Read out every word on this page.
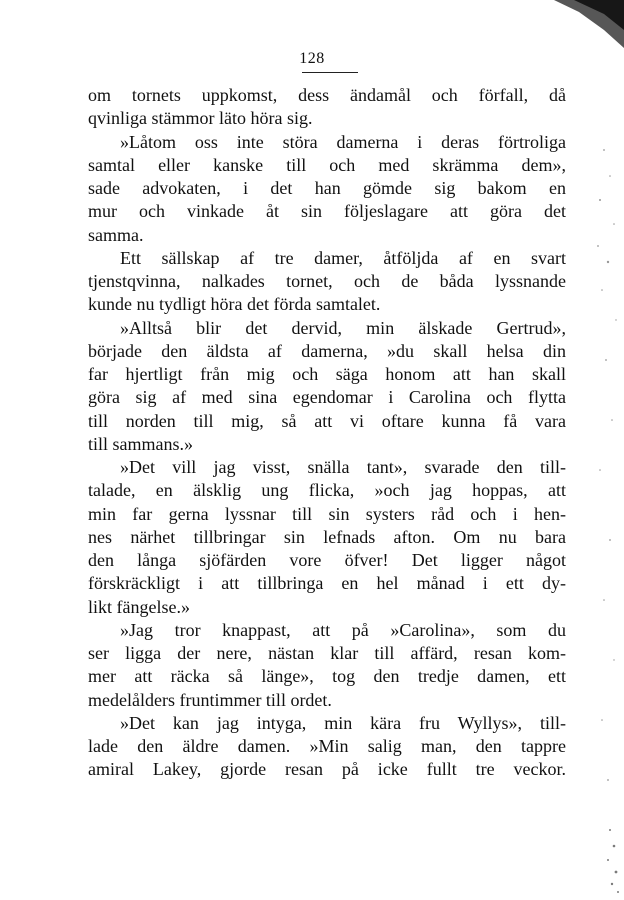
128
om tornets uppkomst, dess ändamål och förfall, då
qvinliga stämmor läto höra sig.
»Låtom oss inte störa damerna i deras förtroliga
samtal eller kanske till och med skrämma dem»,
sade advokaten, i det han gömde sig bakom en
mur och vinkade åt sin följeslagare att göra det
samma.
Ett sällskap af tre damer, åtföljda af en svart
tjenstqvinna, nalkades tornet, och de båda lyssnande
kunde nu tydligt höra det förda samtalet.
»Alltså blir det dervid, min älskade Gertrud»,
började den äldsta af damerna, »du skall helsa din
far hjertligt från mig och säga honom att han skall
göra sig af med sina egendomar i Carolina och flytta
till norden till mig, så att vi oftare kunna få vara
till sammans.»
»Det vill jag visst, snälla tant», svarade den till-
talade, en älsklig ung flicka, »och jag hoppas, att
min far gerna lyssnar till sin systers råd och i hen-
nes närhet tillbringar sin lefnads afton. Om nu bara
den långa sjöfärden vore öfver! Det ligger något
förskräckligt i att tillbringa en hel månad i ett dy-
likt fängelse.»
»Jag tror knappast, att på »Carolina», som du
ser ligga der nere, nästan klar till affärd, resan kom-
mer att räcka så länge», tog den tredje damen, ett
medelålders fruntimmer till ordet.
»Det kan jag intyga, min kära fru Wyllys», till-
lade den äldre damen. »Min salig man, den tappre
amiral Lakey, gjorde resan på icke fullt tre veckor.
